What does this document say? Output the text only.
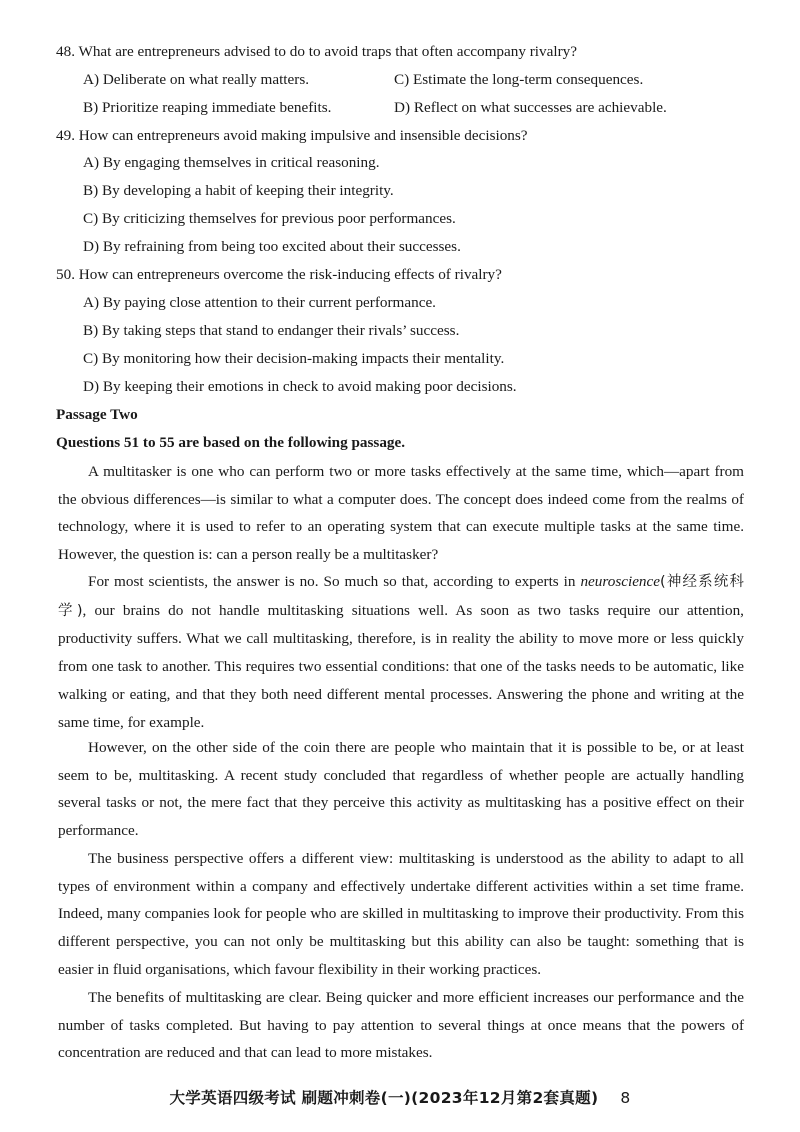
48. What are entrepreneurs advised to do to avoid traps that often accompany rivalry?
A) Deliberate on what really matters.	C) Estimate the long-term consequences.
B) Prioritize reaping immediate benefits.	D) Reflect on what successes are achievable.
49. How can entrepreneurs avoid making impulsive and insensible decisions?
A) By engaging themselves in critical reasoning.
B) By developing a habit of keeping their integrity.
C) By criticizing themselves for previous poor performances.
D) By refraining from being too excited about their successes.
50. How can entrepreneurs overcome the risk-inducing effects of rivalry?
A) By paying close attention to their current performance.
B) By taking steps that stand to endanger their rivals’ success.
C) By monitoring how their decision-making impacts their mentality.
D) By keeping their emotions in check to avoid making poor decisions.
Passage Two
Questions 51 to 55 are based on the following passage.

A multitasker is one who can perform two or more tasks effectively at the same time, which—apart from the obvious differences—is similar to what a computer does. The concept does indeed come from the realms of technology, where it is used to refer to an operating system that can execute multiple tasks at the same time. However, the question is: can a person really be a multitasker?

For most scientists, the answer is no. So much so that, according to experts in neuroscience(神经系统科学), our brains do not handle multitasking situations well. As soon as two tasks require our attention, productivity suffers. What we call multitasking, therefore, is in reality the ability to move more or less quickly from one task to another. This requires two essential conditions: that one of the tasks needs to be automatic, like walking or eating, and that they both need different mental processes. Answering the phone and writing at the same time, for example.

However, on the other side of the coin there are people who maintain that it is possible to be, or at least seem to be, multitasking. A recent study concluded that regardless of whether people are actually handling several tasks or not, the mere fact that they perceive this activity as multitasking has a positive effect on their performance.

The business perspective offers a different view: multitasking is understood as the ability to adapt to all types of environment within a company and effectively undertake different activities within a set time frame. Indeed, many companies look for people who are skilled in multitasking to improve their productivity. From this different perspective, you can not only be multitasking but this ability can also be taught: something that is easier in fluid organisations, which favour flexibility in their working practices.

The benefits of multitasking are clear. Being quicker and more efficient increases our performance and the number of tasks completed. But having to pay attention to several things at once means that the powers of concentration are reduced and that can lead to more mistakes.

大学英语四级考试 刷题冲刺卷(一)(2023年12月第2套真题) 8
